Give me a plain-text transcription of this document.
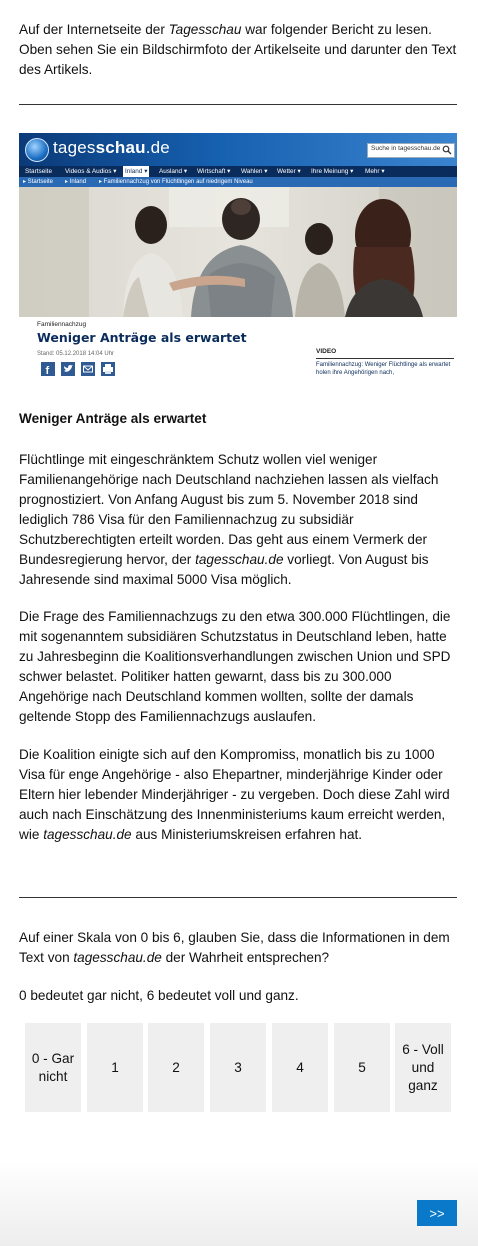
Auf der Internetseite der Tagesschau war folgender Bericht zu lesen. Oben sehen Sie ein Bildschirmfoto der Artikelseite und darunter den Text des Artikels.
tagesschau.de	Suche in tagesschau.de
Startseite Videos & Audios ▾	Inland ▾	Ausland ▾ Wirtschaft ▾ Wahlen ▾ Wetter ▾ Ihre Meinung ▾ Mehr ▾
▸ Startseite ▸ Inland ▸ Familiennachzug von Flüchtlingen auf niedrigem Niveau
Familiennachzug
Weniger Anträge als erwartet
Stand: 05.12.2018 14:04 Uhr
f
VIDEO
Familiennachzug: Weniger Flüchtlinge als erwartet holen ihre Angehörigen nach,
Weniger Anträge als erwartet
Flüchtlinge mit eingeschränktem Schutz wollen viel weniger Familienangehörige nach Deutschland nachziehen lassen als vielfach prognostiziert. Von Anfang August bis zum 5. November 2018 sind lediglich 786 Visa für den Familiennachzug zu subsidiär Schutzberechtigten erteilt worden. Das geht aus einem Vermerk der Bundesregierung hervor, der tagesschau.de vorliegt. Von August bis Jahresende sind maximal 5000 Visa möglich.
Die Frage des Familiennachzugs zu den etwa 300.000 Flüchtlingen, die mit sogenanntem subsidiären Schutzstatus in Deutschland leben, hatte zu Jahresbeginn die Koalitionsverhandlungen zwischen Union und SPD schwer belastet. Politiker hatten gewarnt, dass bis zu 300.000 Angehörige nach Deutschland kommen wollten, sollte der damals geltende Stopp des Familiennachzugs auslaufen.
Die Koalition einigte sich auf den Kompromiss, monatlich bis zu 1000 Visa für enge Angehörige - also Ehepartner, minderjährige Kinder oder Eltern hier lebender Minderjähriger - zu vergeben. Doch diese Zahl wird auch nach Einschätzung des Innenministeriums kaum erreicht werden, wie tagesschau.de aus Ministeriumskreisen erfahren hat.
Auf einer Skala von 0 bis 6, glauben Sie, dass die Informationen in dem Text von tagesschau.de der Wahrheit entsprechen?
0 bedeutet gar nicht, 6 bedeutet voll und ganz.
0 - Gar nicht
1	2	3	4	5
6 - Voll und ganz
>>
